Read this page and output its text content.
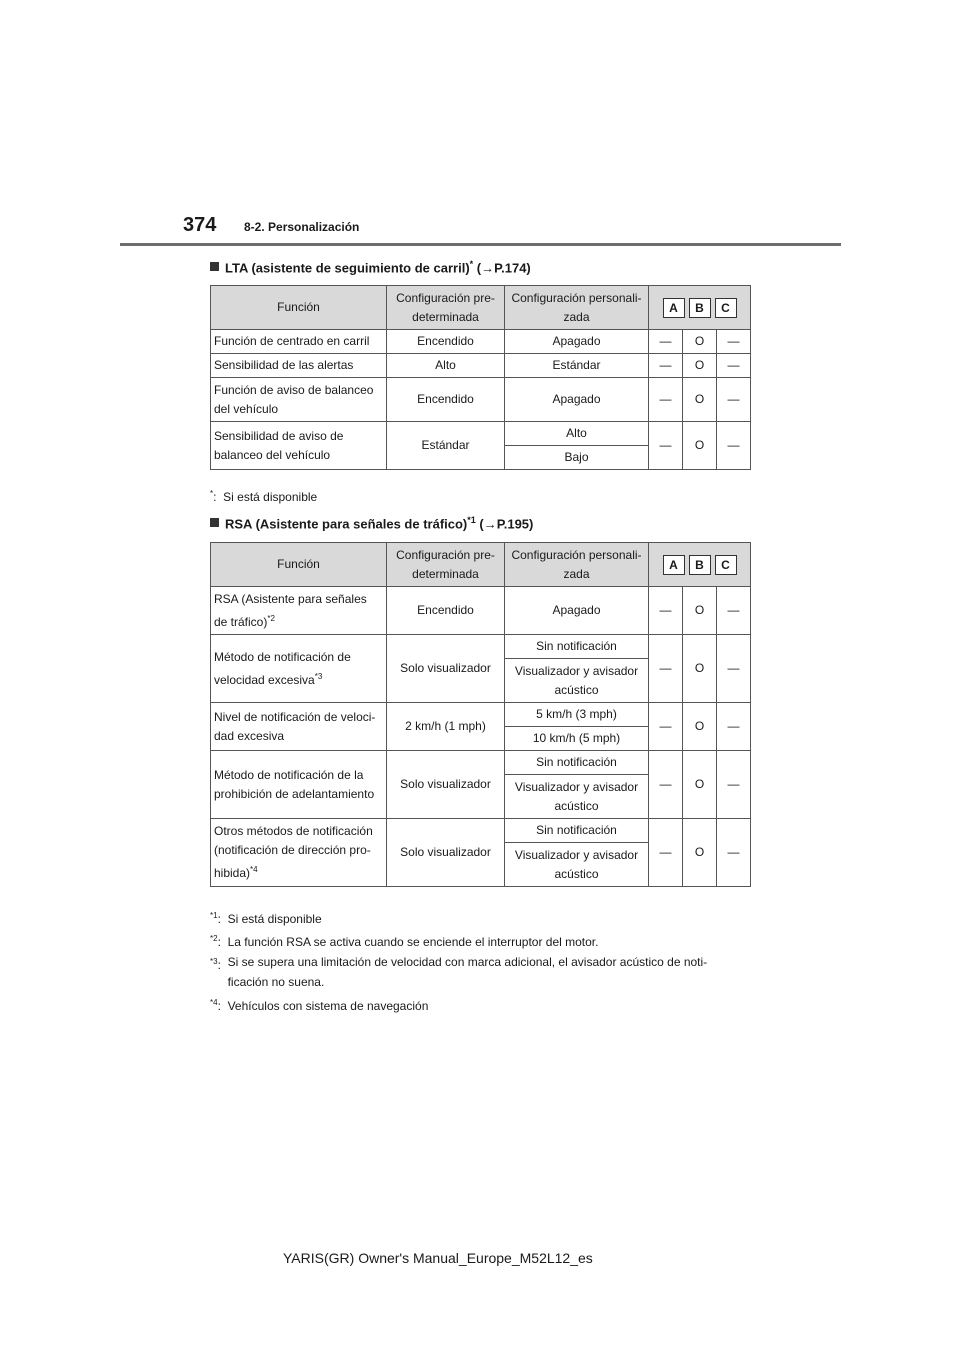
374 8-2. Personalización
LTA (asistente de seguimiento de carril)* (→P.174)
Función	Configuración pre-determinada	Configuración personali-zada	A B C		

Función de centrado en carril	Encendido	Apagado	—	O	—
Sensibilidad de las alertas	Alto	Estándar	—	O	—
Función de aviso de balanceo del vehículo	Encendido	Apagado	—	O	—
Sensibilidad de aviso de balanceo del vehículo	Estándar	Alto	—	O	—
		Bajo			
*:  Si está disponible
RSA (Asistente para señales de tráfico)$^{*1}$ (→P.195)
Función	Configuración pre-determinada	Configuración personali-zada	A B C		

RSA (Asistente para señales de tráfico)$^{*2}$	Encendido	Apagado	—	O	—
Método de notificación de velocidad excesiva$^{*3}$	Solo visualizador	Sin notificación	—	O	—
		Visualizador y avisador acústico			
Nivel de notificación de veloci-dad excesiva	2 km/h (1 mph)	5 km/h (3 mph)	—	O	—
		10 km/h (5 mph)			
Método de notificación de la prohibición de adelantamiento	Solo visualizador	Sin notificación	—	O	—
		Visualizador y avisador acústico			
Otros métodos de notificación (notificación de dirección pro-hibida)$^{*4}$	Solo visualizador	Sin notificación	—	O	—
		Visualizador y avisador acústico			
$^{*1}$:  Si está disponible
$^{*2}$:  La función RSA se activa cuando se enciende el interruptor del motor.
$^{*3}$:  Si se supera una limitación de velocidad con marca adicional, el avisador acústico de noti-ficación no suena.
$^{*4}$:  Vehículos con sistema de navegación
YARIS(GR) Owner's Manual_Europe_M52L12_es
